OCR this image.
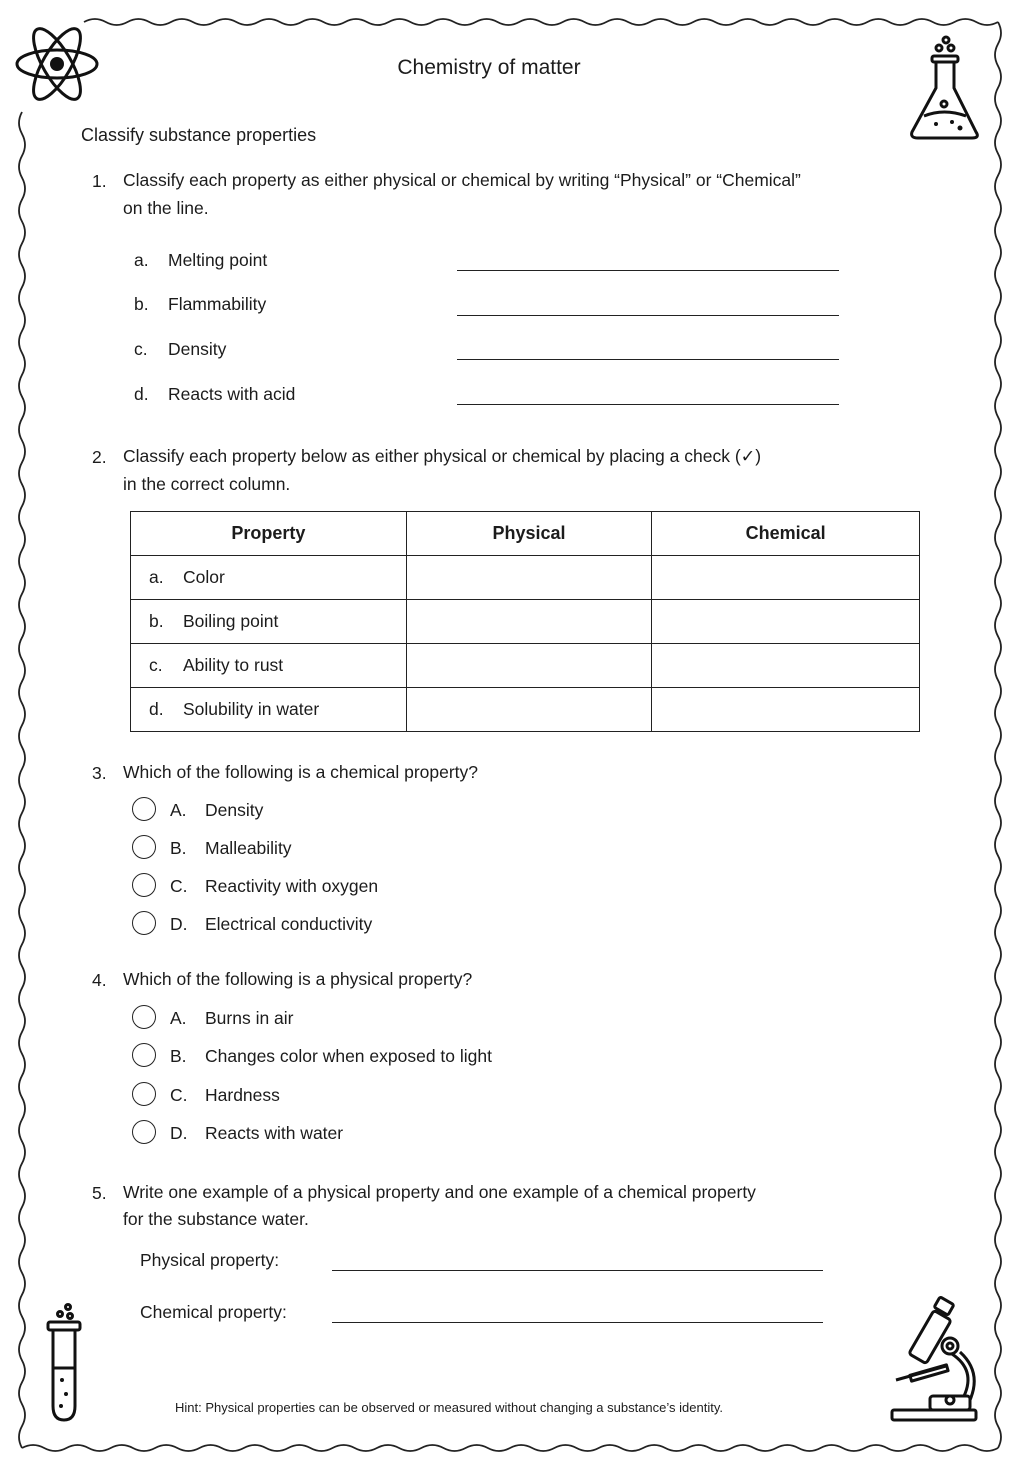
Chemistry of matter
Classify substance properties
1. Classify each property as either physical or chemical by writing “Physical” or “Chemical”
on the line.
a. Melting point
b. Flammability
c. Density
d. Reacts with acid
2. Classify each property below as either physical or chemical by placing a check (✓)
in the correct column.
Property	Physical	Chemical
a. Color		
b. Boiling point		
c. Ability to rust		
d. Solubility in water		
3. Which of the following is a chemical property?
A. Density
B. Malleability
C. Reactivity with oxygen
D. Electrical conductivity
4. Which of the following is a physical property?
A. Burns in air
B. Changes color when exposed to light
C. Hardness
D. Reacts with water
5. Write one example of a physical property and one example of a chemical property
for the substance water.
Physical property:
Chemical property:
Hint: Physical properties can be observed or measured without changing a substance’s identity.
